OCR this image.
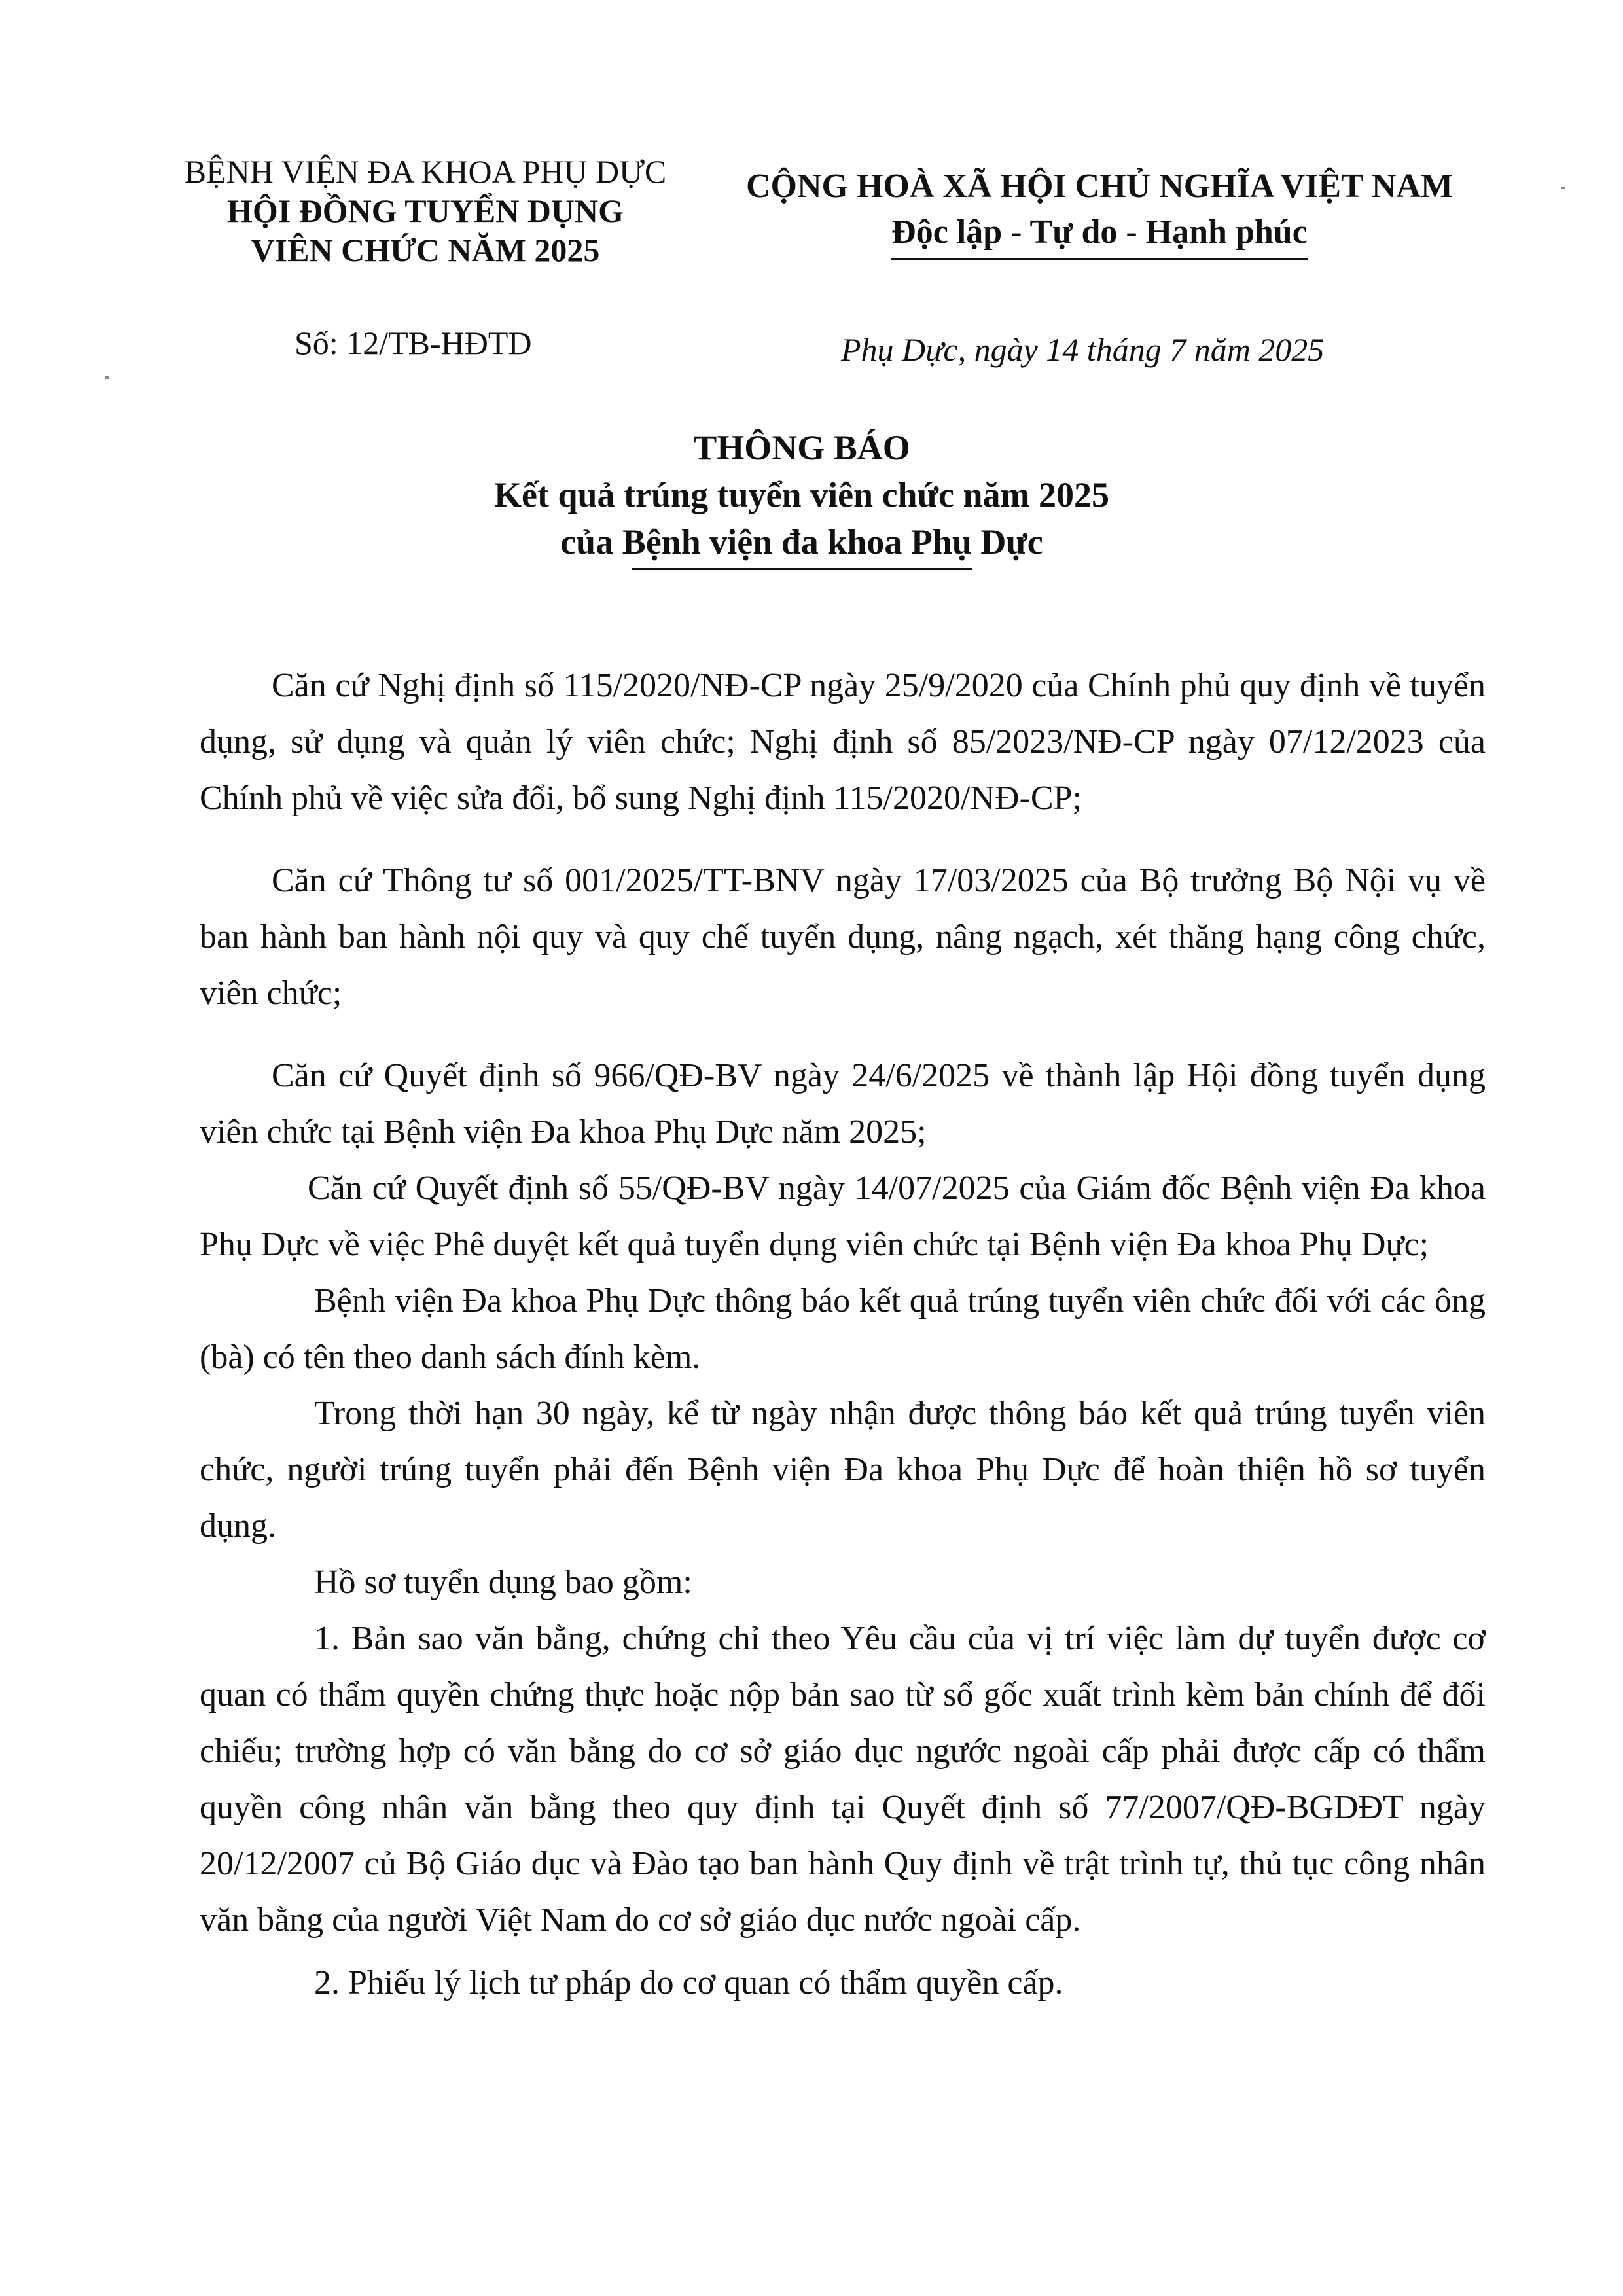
BỆNH VIỆN ĐA KHOA PHỤ DỰC
HỘI ĐỒNG TUYỂN DỤNG
VIÊN CHỨC NĂM 2025
CỘNG HOÀ XÃ HỘI CHỦ NGHĨA VIỆT NAM
Độc lập - Tự do - Hạnh phúc
Số: 12/TB-HĐTD	Phụ Dực, ngày 14 tháng 7 năm 2025
THÔNG BÁO
Kết quả trúng tuyển viên chức năm 2025
của Bệnh viện đa khoa Phụ Dực

Căn cứ Nghị định số 115/2020/NĐ-CP ngày 25/9/2020 của Chính phủ quy định về tuyển dụng, sử dụng và quản lý viên chức; Nghị định số 85/2023/NĐ-CP ngày 07/12/2023 của Chính phủ về việc sửa đổi, bổ sung Nghị định 115/2020/NĐ-CP;

Căn cứ Thông tư số 001/2025/TT-BNV ngày 17/03/2025 của Bộ trưởng Bộ Nội vụ về ban hành ban hành nội quy và quy chế tuyển dụng, nâng ngạch, xét thăng hạng công chức, viên chức;

Căn cứ Quyết định số 966/QĐ-BV ngày 24/6/2025 về thành lập Hội đồng tuyển dụng viên chức tại Bệnh viện Đa khoa Phụ Dực năm 2025;

Căn cứ Quyết định số 55/QĐ-BV ngày 14/07/2025 của Giám đốc Bệnh viện Đa khoa Phụ Dực về việc Phê duyệt kết quả tuyển dụng viên chức tại Bệnh viện Đa khoa Phụ Dực;

Bệnh viện Đa khoa Phụ Dực thông báo kết quả trúng tuyển viên chức đối với các ông (bà) có tên theo danh sách đính kèm.

Trong thời hạn 30 ngày, kể từ ngày nhận được thông báo kết quả trúng tuyển viên chức, người trúng tuyển phải đến Bệnh viện Đa khoa Phụ Dực để hoàn thiện hồ sơ tuyển dụng.

Hồ sơ tuyển dụng bao gồm:

1. Bản sao văn bằng, chứng chỉ theo Yêu cầu của vị trí việc làm dự tuyển được cơ quan có thẩm quyền chứng thực hoặc nộp bản sao từ sổ gốc xuất trình kèm bản chính để đối chiếu; trường hợp có văn bằng do cơ sở giáo dục ngước ngoài cấp phải được cấp có thẩm quyền công nhân văn bằng theo quy định tại Quyết định số 77/2007/QĐ-BGDĐT ngày 20/12/2007 củ Bộ Giáo dục và Đào tạo ban hành Quy định về trật trình tự, thủ tục công nhân văn bằng của người Việt Nam do cơ sở giáo dục nước ngoài cấp.

2. Phiếu lý lịch tư pháp do cơ quan có thẩm quyền cấp.
